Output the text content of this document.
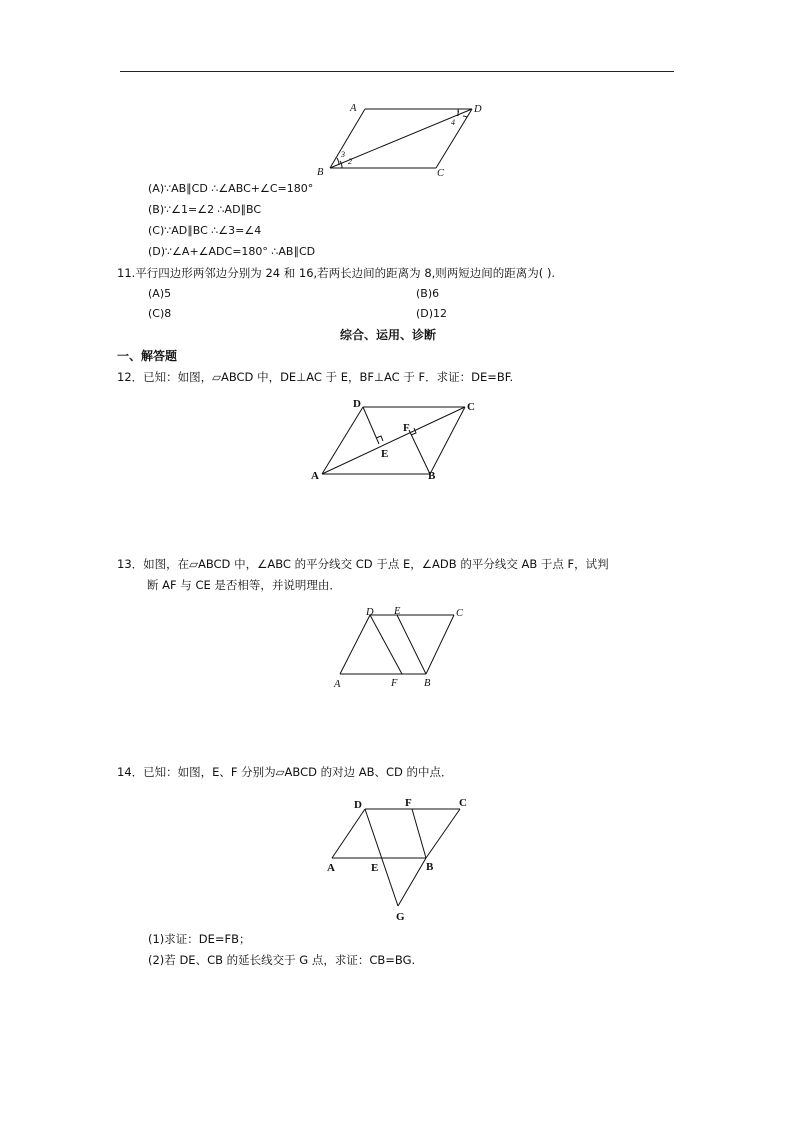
A
B	C
D
1
2
3
4
(A)∵AB∥CD ∴∠ABC+∠C=180°
(B)∵∠1=∠2 ∴AD∥BC
(C)∵AD∥BC ∴∠3=∠4
(D)∵∠A+∠ADC=180° ∴AB∥CD
11.平行四边形两邻边分别为 24 和 16,若两长边间的距离为 8,则两短边间的距离为( ).
(A)5	(B)6
(C)8	(D)12
综合、运用、诊断
一、解答题
12．已知：如图，▱ABCD 中，DE⊥AC 于 E，BF⊥AC 于 F．求证：DE=BF.
A	B
C
D
E
F
13．如图，在▱ABCD 中，∠ABC 的平分线交 CD 于点 E，∠ADB 的平分线交 AB 于点 F，试判
断 AF 与 CE 是否相等，并说明理由．
A	B
C
D E
F
14．已知：如图，E、F 分别为▱ABCD 的对边 AB、CD 的中点．
A	B
C
D
E
F
G
(1)求证：DE=FB；
(2)若 DE、CB 的延长线交于 G 点，求证：CB=BG.
